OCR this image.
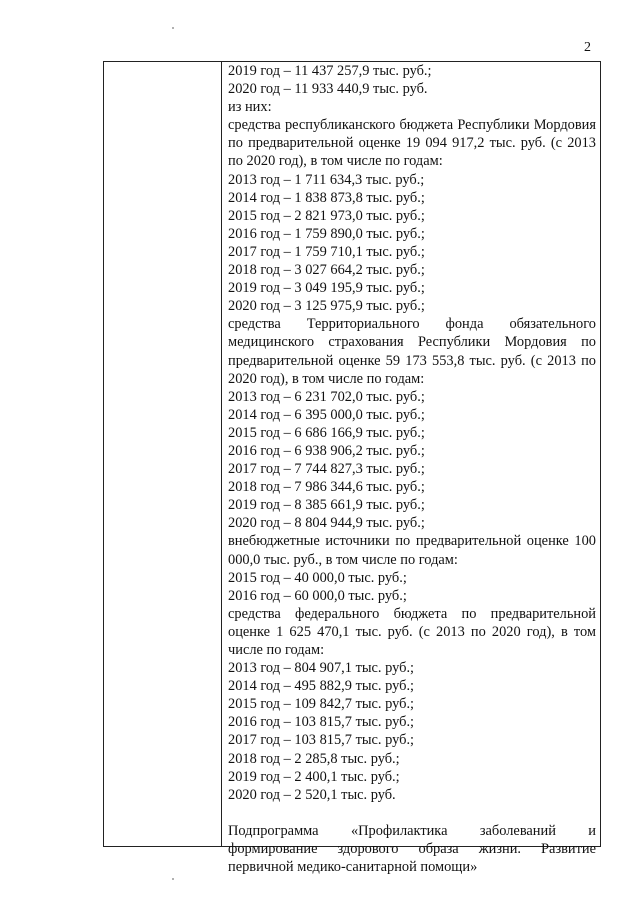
2
2019 год – 11 437 257,9 тыс. руб.;
2020 год – 11 933 440,9 тыс. руб.
из них:
средства республиканского бюджета Республики Мордовия по предварительной оценке 19 094 917,2 тыс. руб. (с 2013 по 2020 год), в том числе по годам:
2013 год – 1 711 634,3 тыс. руб.;
2014 год – 1 838 873,8 тыс. руб.;
2015 год – 2 821 973,0 тыс. руб.;
2016 год – 1 759 890,0 тыс. руб.;
2017 год – 1 759 710,1 тыс. руб.;
2018 год – 3 027 664,2 тыс. руб.;
2019 год – 3 049 195,9 тыс. руб.;
2020 год – 3 125 975,9 тыс. руб.;
средства Территориального фонда обязательного медицинского страхования Республики Мордовия по предварительной оценке 59 173 553,8 тыс. руб. (с 2013 по 2020 год), в том числе по годам:
2013 год – 6 231 702,0 тыс. руб.;
2014 год – 6 395 000,0 тыс. руб.;
2015 год – 6 686 166,9 тыс. руб.;
2016 год – 6 938 906,2 тыс. руб.;
2017 год – 7 744 827,3 тыс. руб.;
2018 год – 7 986 344,6 тыс. руб.;
2019 год – 8 385 661,9 тыс. руб.;
2020 год – 8 804 944,9 тыс. руб.;
внебюджетные источники по предварительной оценке 100 000,0 тыс. руб., в том числе по годам:
2015 год – 40 000,0 тыс. руб.;
2016 год – 60 000,0 тыс. руб.;
средства федерального бюджета по предварительной оценке 1 625 470,1 тыс. руб. (с 2013 по 2020 год), в том числе по годам:
2013 год – 804 907,1 тыс. руб.;
2014 год – 495 882,9 тыс. руб.;
2015 год – 109 842,7 тыс. руб.;
2016 год – 103 815,7 тыс. руб.;
2017 год – 103 815,7 тыс. руб.;
2018 год – 2 285,8 тыс. руб.;
2019 год – 2 400,1 тыс. руб.;
2020 год – 2 520,1 тыс. руб.
Подпрограмма «Профилактика заболеваний и формирование здорового образа жизни. Развитие первичной медико-санитарной помощи»
